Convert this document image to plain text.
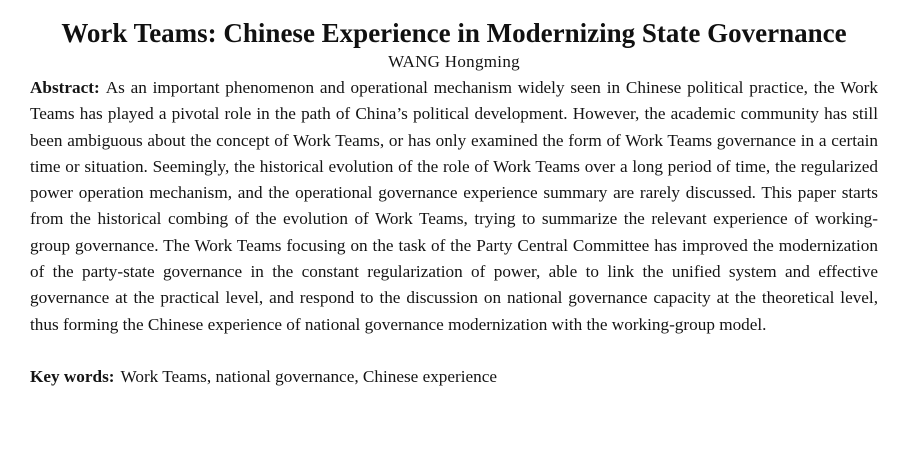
Work Teams: Chinese Experience in Modernizing State Governance
WANG Hongming

Abstract: As an important phenomenon and operational mechanism widely seen in Chinese political practice, the Work Teams has played a pivotal role in the path of China’s political development. However, the academic community has still been ambiguous about the concept of Work Teams, or has only examined the form of Work Teams governance in a certain time or situation. Seemingly, the historical evolution of the role of Work Teams over a long period of time, the regularized power operation mechanism, and the operational governance experience summary are rarely discussed. This paper starts from the historical combing of the evolution of Work Teams, trying to summarize the relevant experience of working-group governance. The Work Teams focusing on the task of the Party Central Committee has improved the modernization of the party-state governance in the constant regularization of power, able to link the unified system and effective governance at the practical level, and respond to the discussion on national governance capacity at the theoretical level, thus forming the Chinese experience of national governance modernization with the working-group model.

Key words: Work Teams, national governance, Chinese experience
